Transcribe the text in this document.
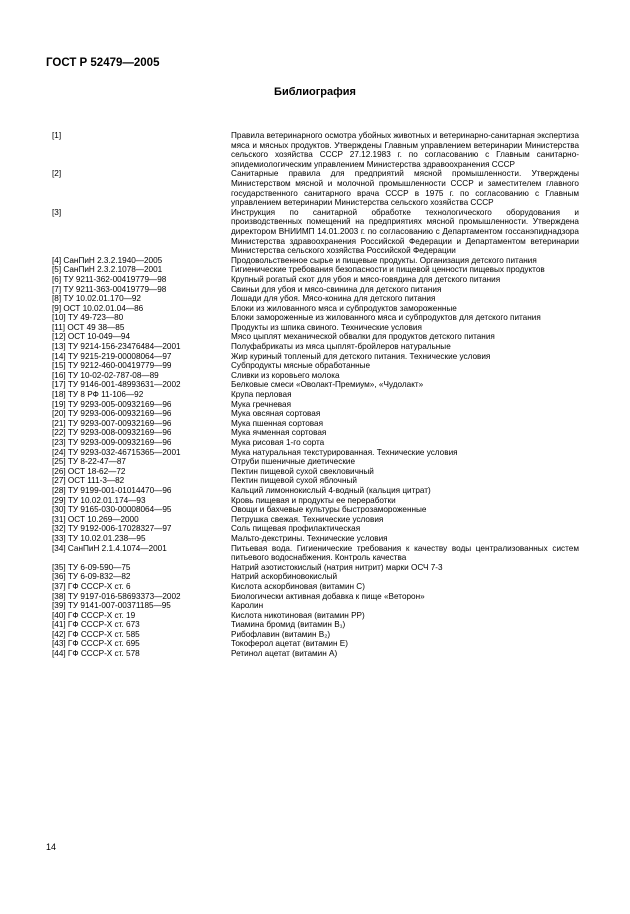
ГОСТ Р 52479—2005
Библиография
[1]	Правила ветеринарного осмотра убойных животных и ветеринарно-санитарная экспертиза мяса и мясных продуктов. Утверждены Главным управлением ветеринарии Министерства сельского хозяйства СССР 27.12.1983 г. по согласованию с Главным санитарно-эпидемиологическим управлением Министерства здравоохранения СССР
[2]	Санитарные правила для предприятий мясной промышленности. Утверждены Министерством мясной и молочной промышленности СССР и заместителем главного государственного санитарного врача СССР в 1975 г. по согласованию с Главным управлением ветеринарии Министерства сельского хозяйства СССР
[3]	Инструкция по санитарной обработке технологического оборудования и производственных помещений на предприятиях мясной промышленности. Утверждена директором ВНИИМП 14.01.2003 г. по согласованию с Департаментом госсанэпиднадзора Министерства здравоохранения Российской Федерации и Департаментом ветеринарии Министерства сельского хозяйства Российской Федерации
[4] СанПиН 2.3.2.1940—2005	Продовольственное сырье и пищевые продукты. Организация детского питания
[5] СанПиН 2.3.2.1078—2001	Гигиенические требования безопасности и пищевой ценности пищевых продуктов
[6] ТУ 9211-362-00419779—98	Крупный рогатый скот для убоя и мясо-говядина для детского питания
[7] ТУ 9211-363-00419779—98	Свиньи для убоя и мясо-свинина для детского питания
[8] ТУ 10.02.01.170—92	Лошади для убоя. Мясо-конина для детского питания
[9] ОСТ 10.02.01.04—86	Блоки из жилованного мяса и субпродуктов замороженные
[10] ТУ 49-723—80	Блоки замороженные из жилованного мяса и субпродуктов для детского питания
[11] ОСТ 49 38—85	Продукты из шпика свиного. Технические условия
[12] ОСТ 10-049—94	Мясо цыплят механической обвалки для продуктов детского питания
[13] ТУ 9214-156-23476484—2001	Полуфабрикаты из мяса цыплят-бройлеров натуральные
[14] ТУ 9215-219-00008064—97	Жир куриный топленый для детского питания. Технические условия
[15] ТУ 9212-460-00419779—99	Субпродукты мясные обработанные
[16] ТУ 10-02-02-787-08—89	Сливки из коровьего молока
[17] ТУ 9146-001-48993631—2002	Белковые смеси «Оволакт-Премиум», «Чудолакт»
[18] ТУ 8 РФ 11-106—92	Крупа перловая
[19] ТУ 9293-005-00932169—96	Мука гречневая
[20] ТУ 9293-006-00932169—96	Мука овсяная сортовая
[21] ТУ 9293-007-00932169—96	Мука пшенная сортовая
[22] ТУ 9293-008-00932169—96	Мука ячменная сортовая
[23] ТУ 9293-009-00932169—96	Мука рисовая 1-го сорта
[24] ТУ 9293-032-46715365—2001	Мука натуральная текстурированная. Технические условия
[25] ТУ 8-22-47—87	Отруби пшеничные диетические
[26] ОСТ 18-62—72	Пектин пищевой сухой свекловичный
[27] ОСТ 111-3—82	Пектин пищевой сухой яблочный
[28] ТУ 9199-001-01014470—96	Кальций лимоннокислый 4-водный (кальция цитрат)
[29] ТУ 10.02.01.174—93	Кровь пищевая и продукты ее переработки
[30] ТУ 9165-030-00008064—95	Овощи и бахчевые культуры быстрозамороженные
[31] ОСТ 10.269—2000	Петрушка свежая. Технические условия
[32] ТУ 9192-006-17028327—97	Соль пищевая профилактическая
[33] ТУ 10.02.01.238—95	Мальто-декстрины. Технические условия
[34] СанПиН 2.1.4.1074—2001	Питьевая вода. Гигиенические требования к качеству воды централизованных систем питьевого водоснабжения. Контроль качества
[35] ТУ 6-09-590—75	Натрий азотистокислый (натрия нитрит) марки ОСЧ 7-3
[36] ТУ 6-09-832—82	Натрий аскорбиновокислый
[37] ГФ СССР-Х ст. 6	Кислота аскорбиновая (витамин С)
[38] ТУ 9197-016-58693373—2002	Биологически активная добавка к пище «Веторон»
[39] ТУ 9141-007-00371185—95	Каролин
[40] ГФ СССР-Х ст. 19	Кислота никотиновая (витамин РР)
[41] ГФ СССР-Х ст. 673	Тиамина бромид (витамин В₁)
[42] ГФ СССР-Х ст. 585	Рибофлавин (витамин В₂)
[43] ГФ СССР-Х ст. 695	Токоферол ацетат (витамин Е)
[44] ГФ СССР-Х ст. 578	Ретинол ацетат (витамин А)
14
